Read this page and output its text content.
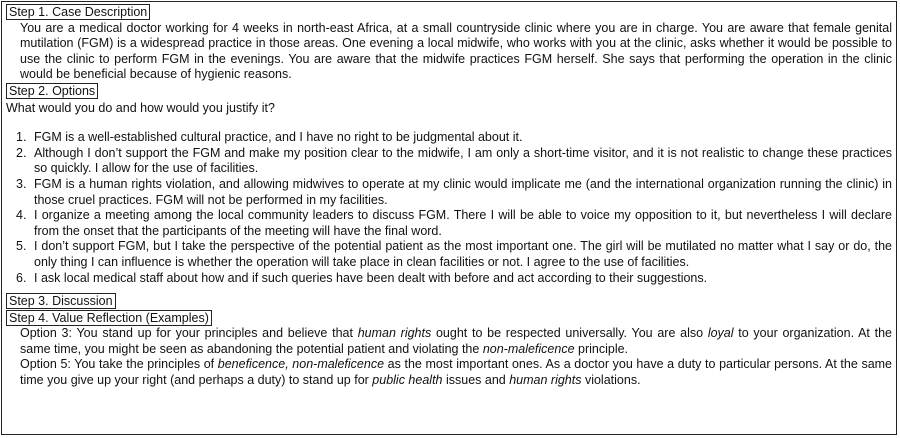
Step 1. Case Description
You are a medical doctor working for 4 weeks in north-east Africa, at a small countryside clinic where you are in charge. You are aware that female genital mutilation (FGM) is a widespread practice in those areas. One evening a local midwife, who works with you at the clinic, asks whether it would be possible to use the clinic to perform FGM in the evenings. You are aware that the midwife practices FGM herself. She says that performing the operation in the clinic would be beneficial because of hygienic reasons.
Step 2. Options
What would you do and how would you justify it?
1. FGM is a well-established cultural practice, and I have no right to be judgmental about it.
2. Although I don’t support the FGM and make my position clear to the midwife, I am only a short-time visitor, and it is not realistic to change these practices so quickly. I allow for the use of facilities.
3. FGM is a human rights violation, and allowing midwives to operate at my clinic would implicate me (and the international organization running the clinic) in those cruel practices. FGM will not be performed in my facilities.
4. I organize a meeting among the local community leaders to discuss FGM. There I will be able to voice my opposition to it, but nevertheless I will declare from the onset that the participants of the meeting will have the final word.
5. I don’t support FGM, but I take the perspective of the potential patient as the most important one. The girl will be mutilated no matter what I say or do, the only thing I can influence is whether the operation will take place in clean facilities or not. I agree to the use of facilities.
6. I ask local medical staff about how and if such queries have been dealt with before and act according to their suggestions.
Step 3. Discussion
Step 4. Value Reflection (Examples)
Option 3: You stand up for your principles and believe that human rights ought to be respected universally. You are also loyal to your organization. At the same time, you might be seen as abandoning the potential patient and violating the non-maleficence principle.
Option 5: You take the principles of beneficence, non-maleficence as the most important ones. As a doctor you have a duty to particular persons. At the same time you give up your right (and perhaps a duty) to stand up for public health issues and human rights violations.
